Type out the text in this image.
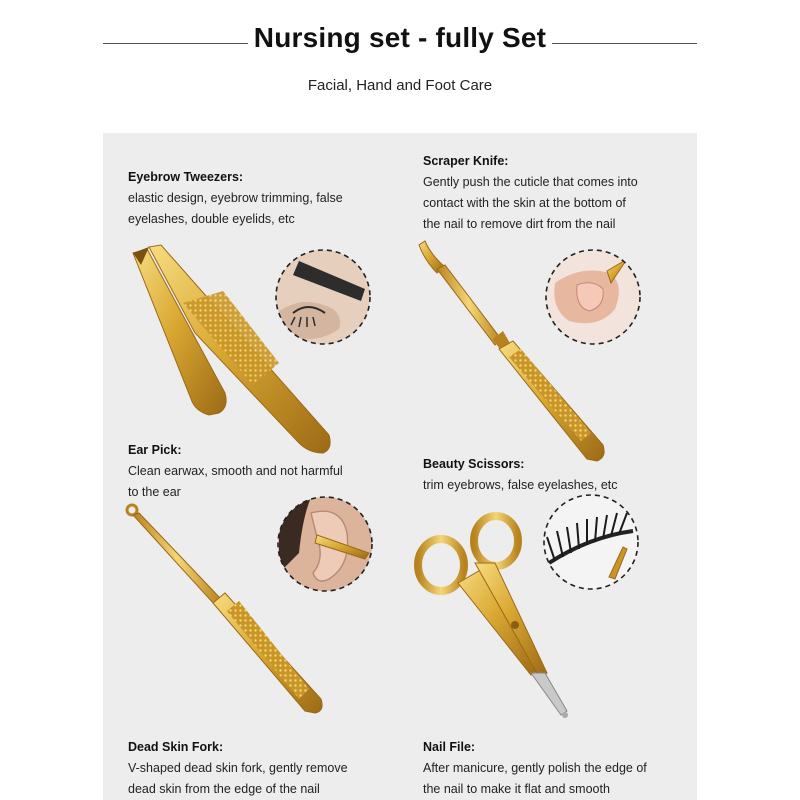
Nursing set - fully Set
Facial, Hand and Foot Care
Eyebrow Tweezers:
elastic design, eyebrow trimming, false
eyelashes, double eyelids, etc
Scraper Knife:
Gently push the cuticle that comes into
contact with the skin at the bottom of
the nail to remove dirt from the nail
Ear Pick:
Clean earwax, smooth and not harmful
to the ear
Beauty Scissors:
trim eyebrows, false eyelashes, etc
Dead Skin Fork:
V-shaped dead skin fork, gently remove
dead skin from the edge of the nail
Nail File:
After manicure, gently polish the edge of
the nail to make it flat and smooth
